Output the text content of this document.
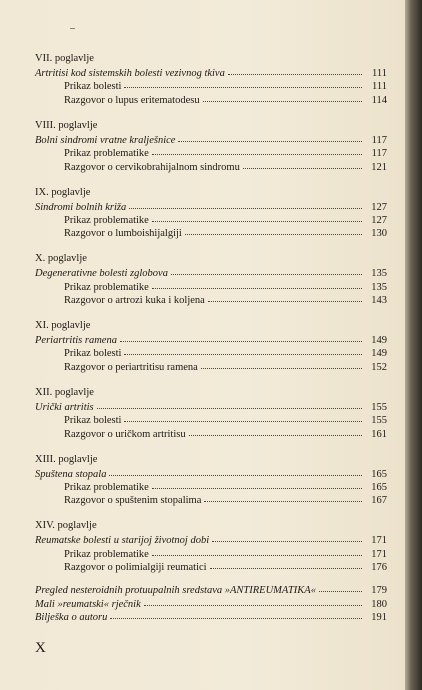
VII. poglavlje
Artritisi kod sistemskih bolesti vezivnog tkiva	111
Prikaz bolesti	111
Razgovor o lupus eritematodesu	114
VIII. poglavlje
Bolni sindromi vratne kralješnice	117
Prikaz problematike	117
Razgovor o cervikobrahijalnom sindromu	121
IX. poglavlje
Sindromi bolnih križa	127
Prikaz problematike	127
Razgovor o lumboishijalgiji	130
X. poglavlje
Degenerativne bolesti zglobova	135
Prikaz problematike	135
Razgovor o artrozi kuka i koljena	143
XI. poglavlje
Periartritis ramena	149
Prikaz bolesti	149
Razgovor o periartritisu ramena	152
XII. poglavlje
Urički artritis	155
Prikaz bolesti	155
Razgovor o uričkom artritisu	161
XIII. poglavlje
Spuštena stopala	165
Prikaz problematike	165
Razgovor o spuštenim stopalima	167
XIV. poglavlje
Reumatske bolesti u starijoj životnoj dobi	171
Prikaz problematike	171
Razgovor o polimialgiji reumatici	176
Pregled nesteroidnih protuupalnih sredstava »ANTIREUMATIKA«	179
Mali »reumatski« rječnik	180
Bilješka o autoru	191
X
